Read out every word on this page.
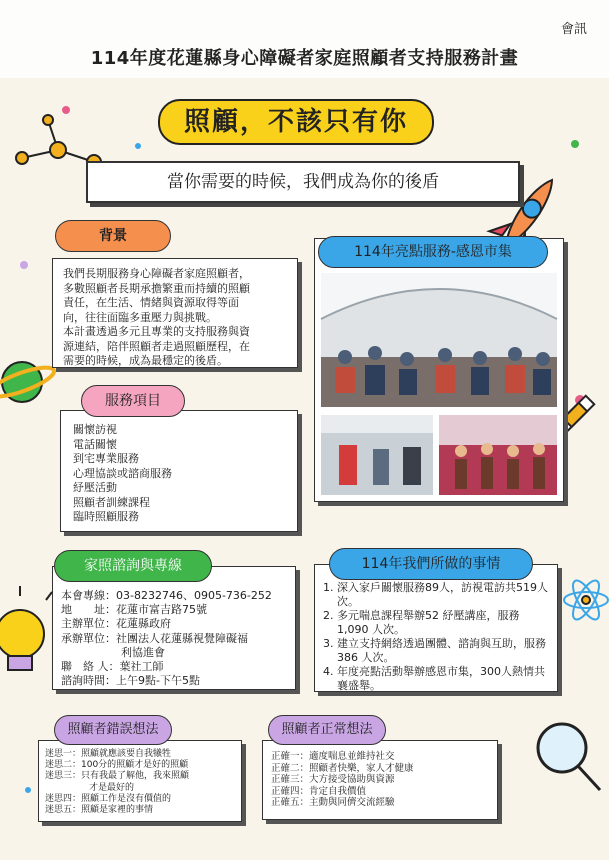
會訊
114年度花蓮縣身心障礙者家庭照顧者支持服務計畫
照顧，不該只有你
當你需要的時候，我們成為你的後盾
我們長期服務身心障礙者家庭照顧者，
多數照顧者長期承擔繁重而持續的照顧
責任，在生活、情緒與資源取得等面
向，往往面臨多重壓力與挑戰。
本計畫透過多元且專業的支持服務與資
源連結，陪伴照顧者走過照顧歷程，在
需要的時候，成為最穩定的後盾。
背景
關懷訪視
電話關懷
到宅專業服務
心理協談或諮商服務
紓壓活動
照顧者訓練課程
臨時照顧服務
服務項目
本會專線：03-8232746、0905-736-252
地　　址：花蓮市富吉路75號
主辦單位：花蓮縣政府
承辦單位：社團法人花蓮縣視覺障礙福
利協進會
聯　絡 人：葉社工師
諮詢時間：上午9點-下午5點
家照諮詢與專線
114年亮點服務-感恩市集
1. 深入家戶關懷服務89人，訪視電訪共519人次。
2. 多元喘息課程舉辦52 紓壓講座，服務1,090 人次。
3. 建立支持網絡透過團體、諮詢與互助，服務 386 人次。
4. 年度亮點活動舉辦感恩市集，300人熱情共襄盛舉。
114年我們所做的事情
迷思一：照顧就應該要自我犧牲
迷思二：100分的照顧才是好的照顧
迷思三：只有我最了解他，我來照顧
才是最好的
迷思四：照顧工作是沒有價值的
迷思五：照顧是家裡的事情
照顧者錯誤想法
正確一：適度喘息並維持社交
正確二：照顧者快樂，家人才健康
正確三：大方接受協助與資源
正確四：肯定自我價值
正確五：主動與同儕交流經驗
照顧者正常想法
